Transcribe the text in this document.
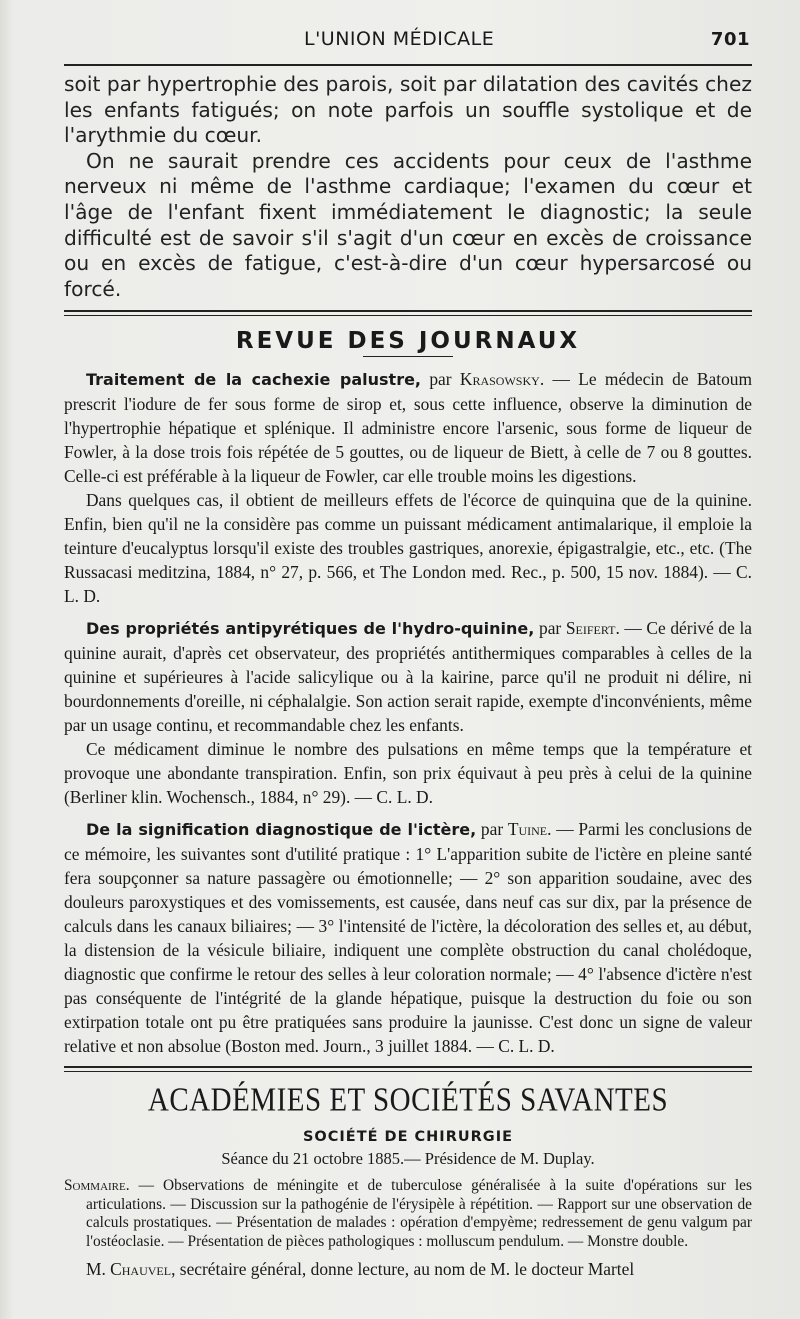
L'UNION MÉDICALE	701

soit par hypertrophie des parois, soit par dilatation des cavités chez les enfants fatigués; on note parfois un souffle systolique et de l'arythmie du cœur.

On ne saurait prendre ces accidents pour ceux de l'asthme nerveux ni même de l'asthme cardiaque; l'examen du cœur et l'âge de l'enfant fixent immédiatement le diagnostic; la seule difficulté est de savoir s'il s'agit d'un cœur en excès de croissance ou en excès de fatigue, c'est-à-dire d'un cœur hypersarcosé ou forcé.

REVUE DES JOURNAUX

Traitement de la cachexie palustre, par Krasowsky. — Le médecin de Batoum prescrit l'iodure de fer sous forme de sirop et, sous cette influence, observe la diminution de l'hypertrophie hépatique et splénique. Il administre encore l'arsenic, sous forme de liqueur de Fowler, à la dose trois fois répétée de 5 gouttes, ou de liqueur de Biett, à celle de 7 ou 8 gouttes. Celle-ci est préférable à la liqueur de Fowler, car elle trouble moins les digestions.

Dans quelques cas, il obtient de meilleurs effets de l'écorce de quinquina que de la quinine. Enfin, bien qu'il ne la considère pas comme un puissant médicament antimalarique, il emploie la teinture d'eucalyptus lorsqu'il existe des troubles gastriques, anorexie, épigastralgie, etc., etc. (The Russacasi meditzina, 1884, n° 27, p. 566, et The London med. Rec., p. 500, 15 nov. 1884). — C. L. D.

Des propriétés antipyrétiques de l'hydro-quinine, par Seifert. — Ce dérivé de la quinine aurait, d'après cet observateur, des propriétés antithermiques comparables à celles de la quinine et supérieures à l'acide salicylique ou à la kairine, parce qu'il ne produit ni délire, ni bourdonnements d'oreille, ni céphalalgie. Son action serait rapide, exempte d'inconvénients, même par un usage continu, et recommandable chez les enfants.

Ce médicament diminue le nombre des pulsations en même temps que la température et provoque une abondante transpiration. Enfin, son prix équivaut à peu près à celui de la quinine (Berliner klin. Wochensch., 1884, n° 29). — C. L. D.

De la signification diagnostique de l'ictère, par Tuine. — Parmi les conclusions de ce mémoire, les suivantes sont d'utilité pratique : 1° L'apparition subite de l'ictère en pleine santé fera soupçonner sa nature passagère ou émotionnelle; — 2° son apparition soudaine, avec des douleurs paroxystiques et des vomissements, est causée, dans neuf cas sur dix, par la présence de calculs dans les canaux biliaires; — 3° l'intensité de l'ictère, la décoloration des selles et, au début, la distension de la vésicule biliaire, indiquent une complète obstruction du canal cholédoque, diagnostic que confirme le retour des selles à leur coloration normale; — 4° l'absence d'ictère n'est pas conséquente de l'intégrité de la glande hépatique, puisque la destruction du foie ou son extirpation totale ont pu être pratiquées sans produire la jaunisse. C'est donc un signe de valeur relative et non absolue (Boston med. Journ., 3 juillet 1884. — C. L. D.

ACADÉMIES ET SOCIÉTÉS SAVANTES
SOCIÉTÉ DE CHIRURGIE
Séance du 21 octobre 1885.— Présidence de M. Duplay.
Sommaire. — Observations de méningite et de tuberculose généralisée à la suite d'opérations sur les articulations. — Discussion sur la pathogénie de l'érysipèle à répétition. — Rapport sur une observation de calculs prostatiques. — Présentation de malades : opération d'empyème; redressement de genu valgum par l'ostéoclasie. — Présentation de pièces pathologiques : molluscum pendulum. — Monstre double.
M. Chauvel, secrétaire général, donne lecture, au nom de M. le docteur Martel
